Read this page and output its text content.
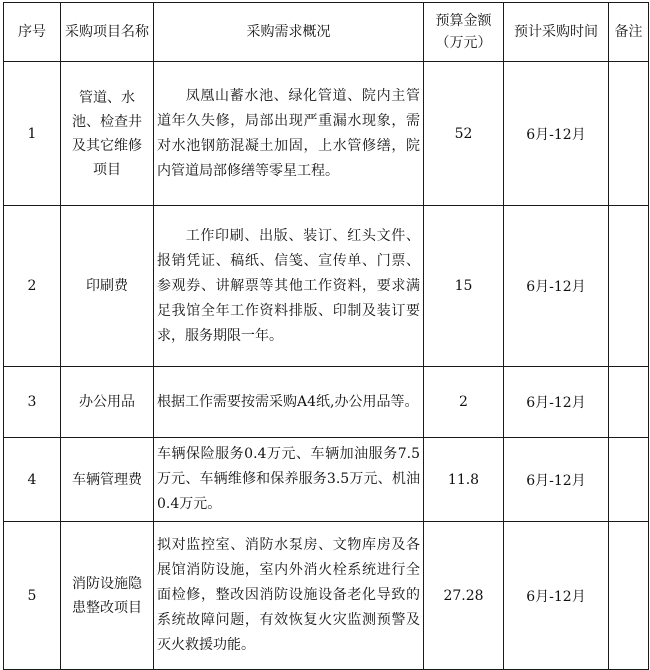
序号	采购项目名称	采购需求概况	预算金额（万元）	预计采购时间	备注
1	管道、水池、检查井及其它维修项目	凤凰山蓄水池、绿化管道、院内主管道年久失修，局部出现严重漏水现象，需对水池钢筋混凝土加固，上水管修缮，院内管道局部修缮等零星工程。	52	6月-12月	
2	印刷费	工作印刷、出版、装订、红头文件、报销凭证、稿纸、信笺、宣传单、门票、参观券、讲解票等其他工作资料，要求满足我馆全年工作资料排版、印制及装订要求，服务期限一年。	15	6月-12月	
3	办公用品	根据工作需要按需采购A4纸,办公用品等。	2	6月-12月	
4	车辆管理费	车辆保险服务0.4万元、车辆加油服务7.5万元、车辆维修和保养服务3.5万元、机油0.4万元。	11.8	6月-12月	
5	消防设施隐患整改项目	拟对监控室、消防水泵房、文物库房及各展馆消防设施，室内外消火栓系统进行全面检修，整改因消防设施设备老化导致的系统故障问题，有效恢复火灾监测预警及灭火救援功能。	27.28	6月-12月	
